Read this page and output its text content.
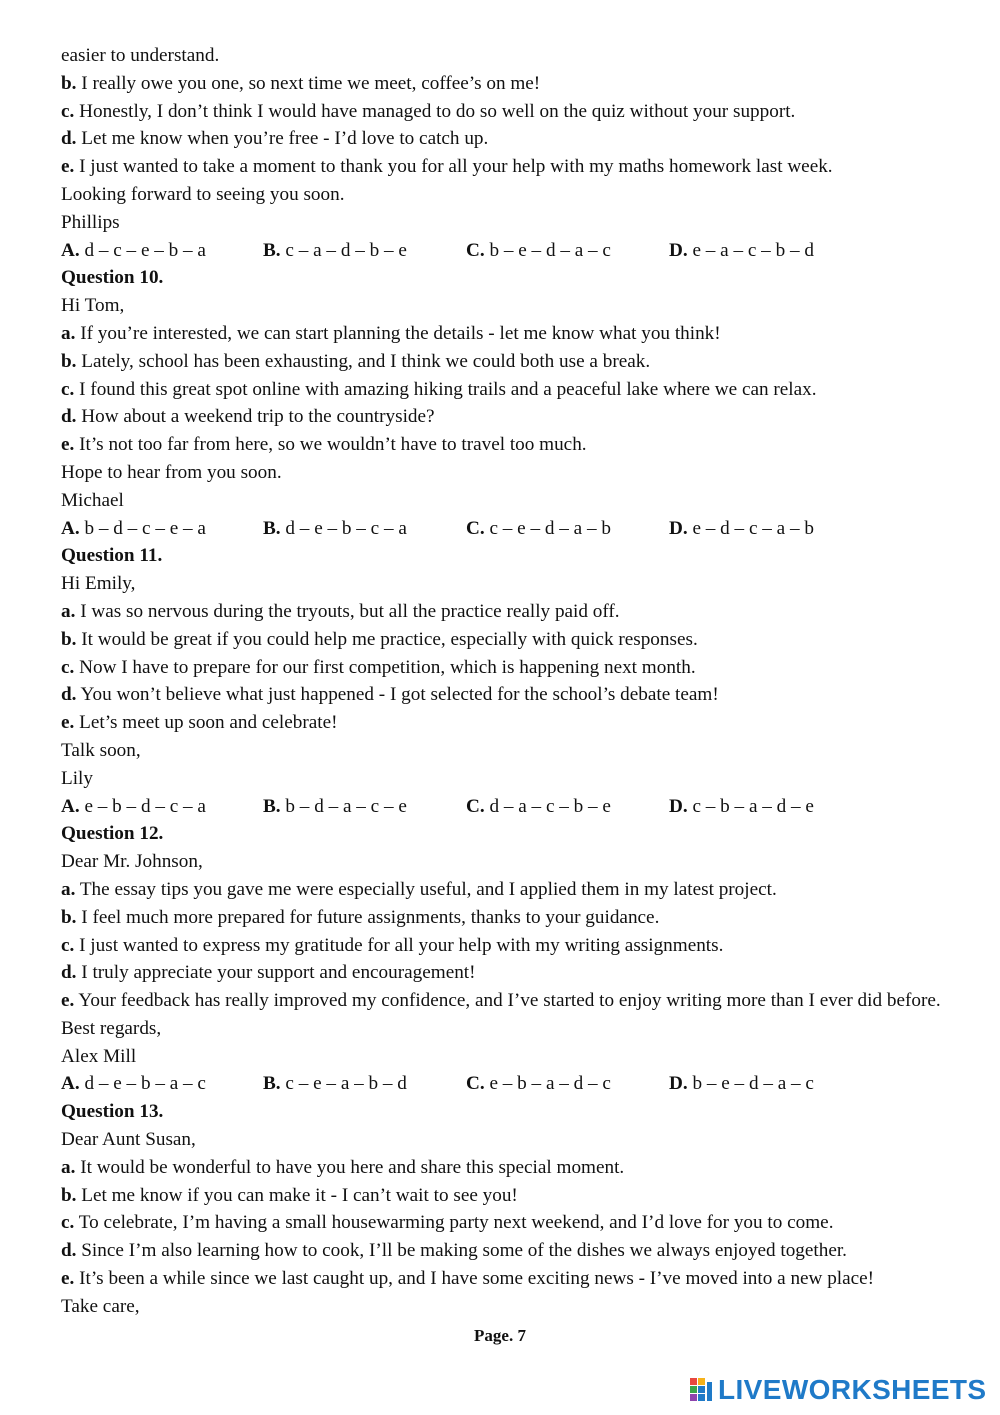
easier to understand.
b. I really owe you one, so next time we meet, coffee’s on me!
c. Honestly, I don’t think I would have managed to do so well on the quiz without your support.
d. Let me know when you’re free - I’d love to catch up.
e. I just wanted to take a moment to thank you for all your help with my maths homework last week.
Looking forward to seeing you soon.
Phillips
A. d – c – e – b – a	B. c – a – d – b – e	C. b – e – d – a – c	D. e – a – c – b – d
Question 10.
Hi Tom,
a. If you’re interested, we can start planning the details - let me know what you think!
b. Lately, school has been exhausting, and I think we could both use a break.
c. I found this great spot online with amazing hiking trails and a peaceful lake where we can relax.
d. How about a weekend trip to the countryside?
e. It’s not too far from here, so we wouldn’t have to travel too much.
Hope to hear from you soon.
Michael
A. b – d – c – e – a	B. d – e – b – c – a	C. c – e – d – a – b	D. e – d – c – a – b
Question 11.
Hi Emily,
a. I was so nervous during the tryouts, but all the practice really paid off.
b. It would be great if you could help me practice, especially with quick responses.
c. Now I have to prepare for our first competition, which is happening next month.
d. You won’t believe what just happened - I got selected for the school’s debate team!
e. Let’s meet up soon and celebrate!
Talk soon,
Lily
A. e – b – d – c – a	B. b – d – a – c – e	C. d – a – c – b – e	D. c – b – a – d – e
Question 12.
Dear Mr. Johnson,
a. The essay tips you gave me were especially useful, and I applied them in my latest project.
b. I feel much more prepared for future assignments, thanks to your guidance.
c. I just wanted to express my gratitude for all your help with my writing assignments.
d. I truly appreciate your support and encouragement!
e. Your feedback has really improved my confidence, and I’ve started to enjoy writing more than I ever did before.
Best regards,
Alex Mill
A. d – e – b – a – c	B. c – e – a – b – d	C. e – b – a – d – c	D. b – e – d – a – c
Question 13.
Dear Aunt Susan,
a. It would be wonderful to have you here and share this special moment.
b. Let me know if you can make it - I can’t wait to see you!
c. To celebrate, I’m having a small housewarming party next weekend, and I’d love for you to come.
d. Since I’m also learning how to cook, I’ll be making some of the dishes we always enjoyed together.
e. It’s been a while since we last caught up, and I have some exciting news - I’ve moved into a new place!
Take care,
Page. 7
LIVEWORKSHEETS
